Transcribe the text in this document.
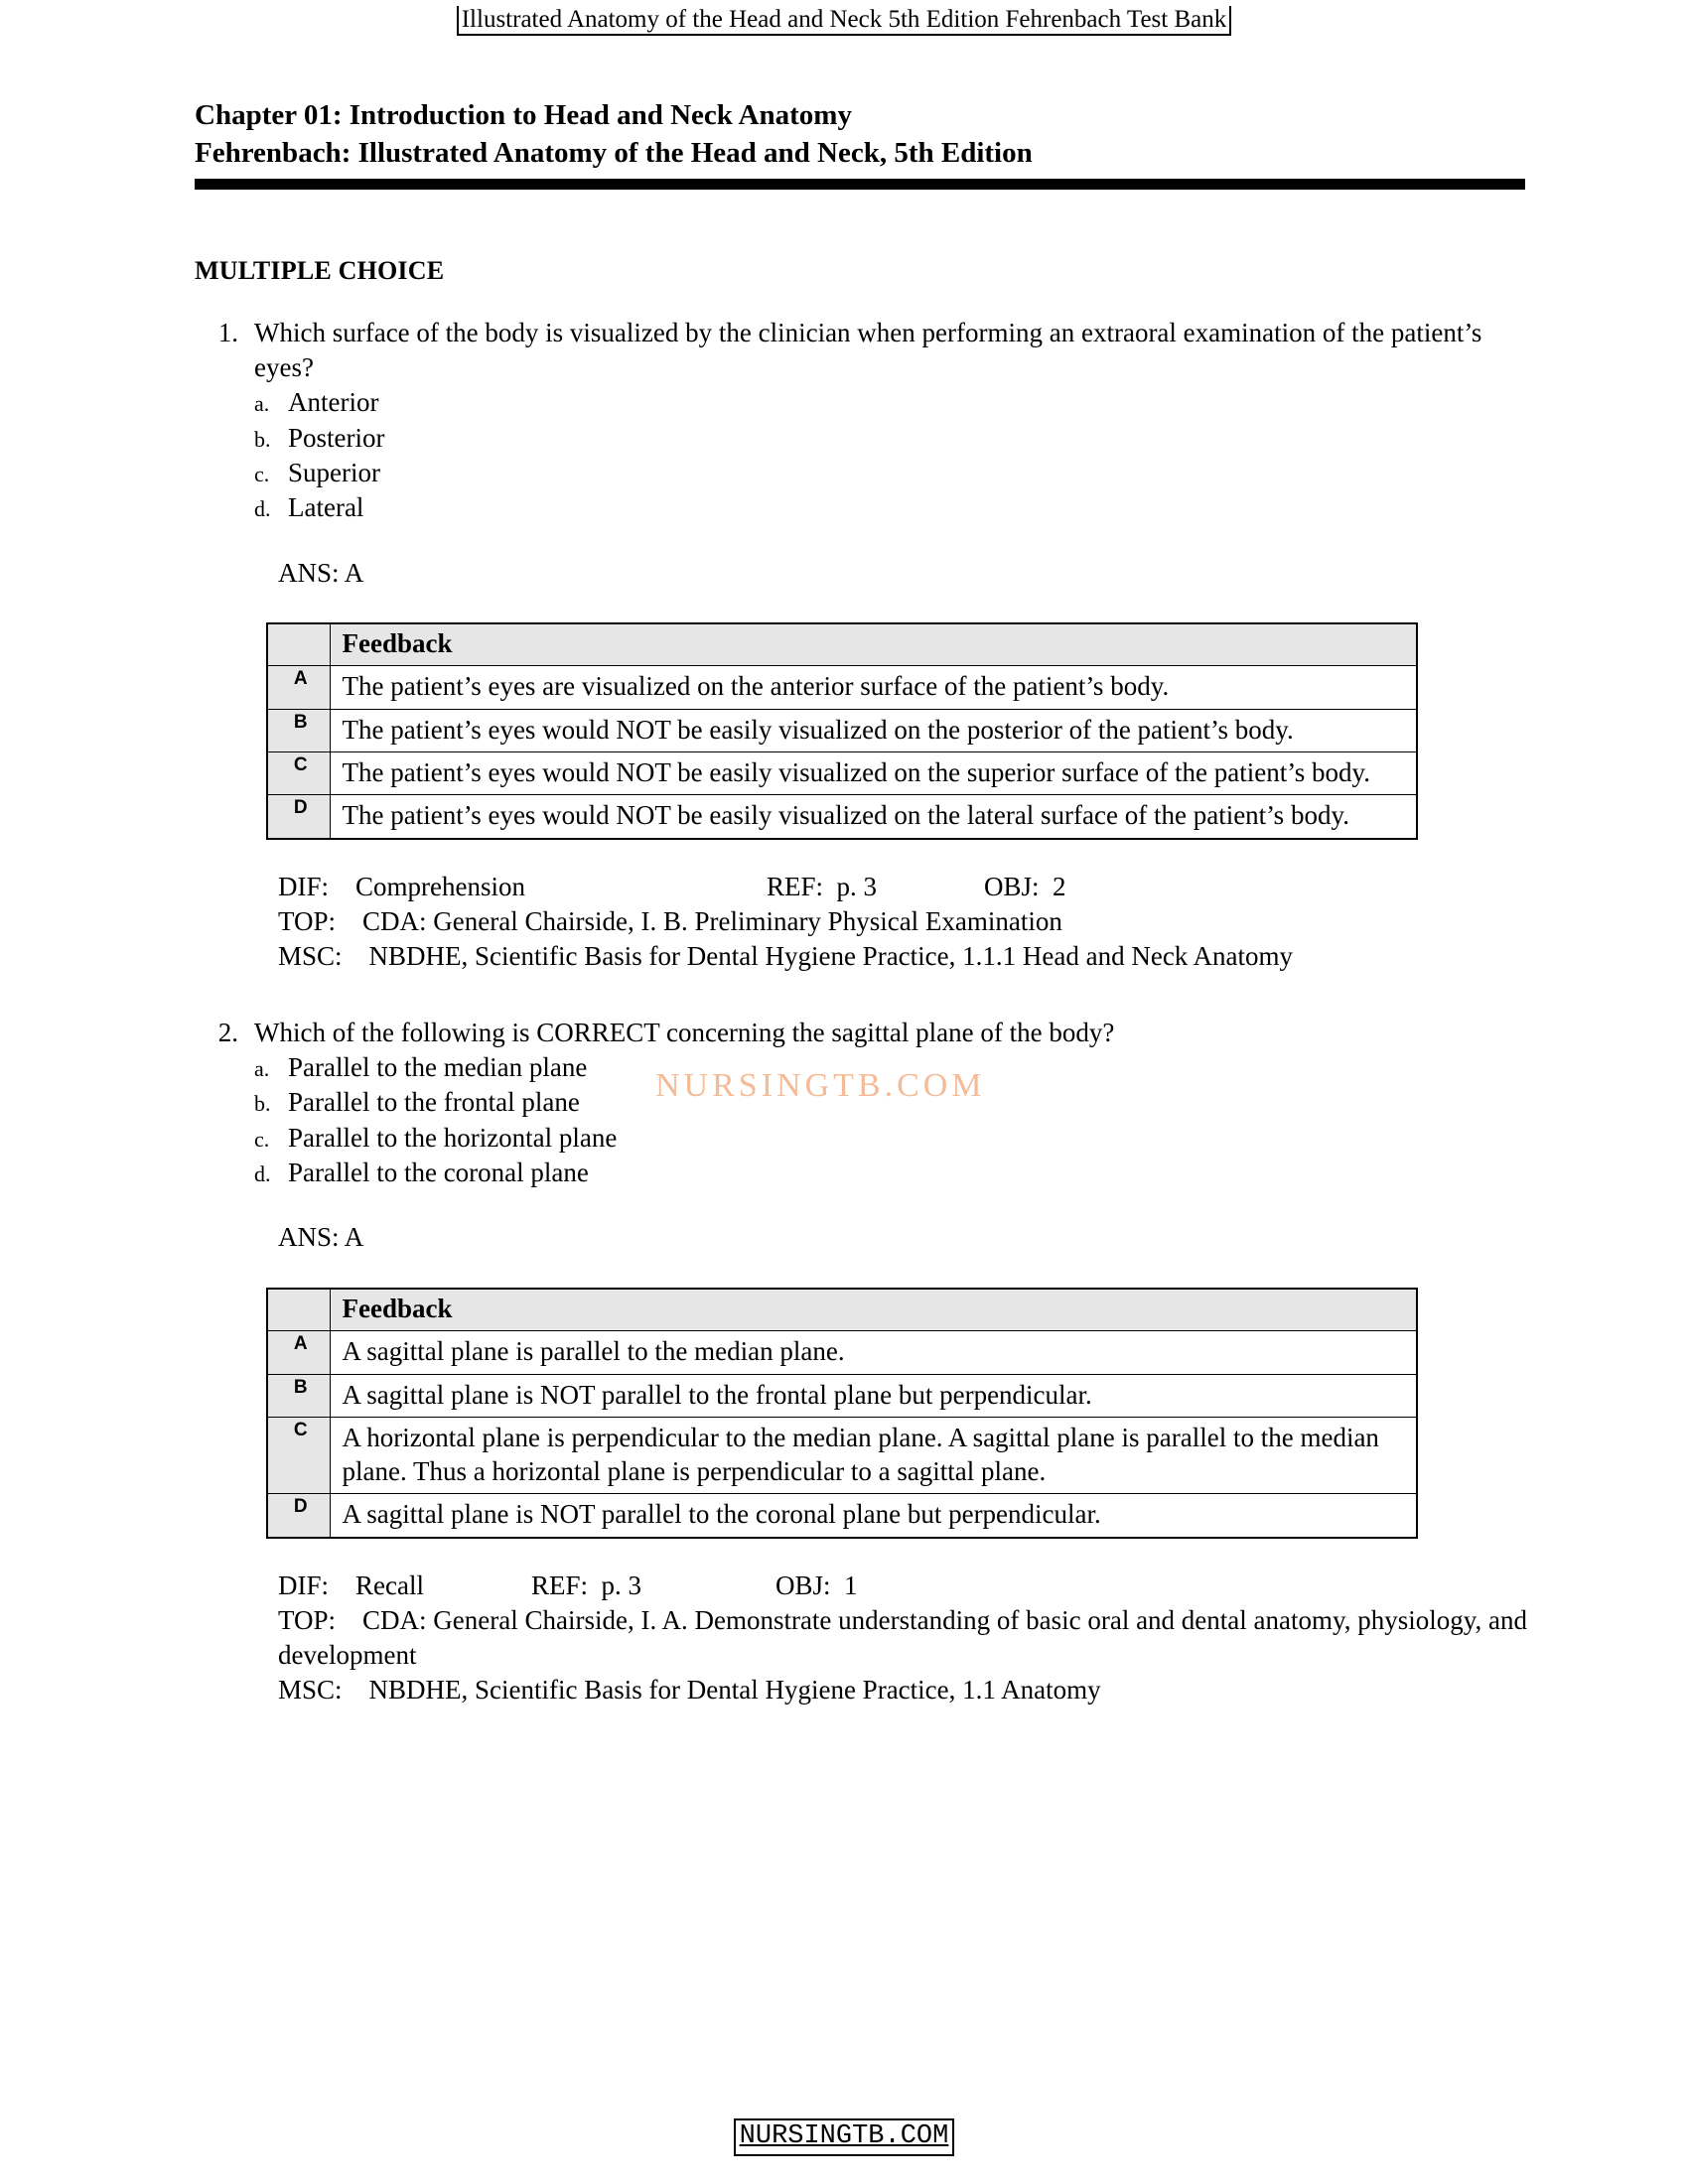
Illustrated Anatomy of the Head and Neck 5th Edition Fehrenbach Test Bank
Chapter 01: Introduction to Head and Neck Anatomy
Fehrenbach: Illustrated Anatomy of the Head and Neck, 5th Edition
MULTIPLE CHOICE
1. Which surface of the body is visualized by the clinician when performing an extraoral examination of the patient’s eyes?
a. Anterior
b. Posterior
c. Superior
d. Lateral
ANS: A
	Feedback
A	The patient’s eyes are visualized on the anterior surface of the patient’s body.
B	The patient’s eyes would NOT be easily visualized on the posterior of the patient’s body.
C	The patient’s eyes would NOT be easily visualized on the superior surface of the patient’s body.
D	The patient’s eyes would NOT be easily visualized on the lateral surface of the patient’s body.
DIF: Comprehension         REF:  p. 3    OBJ:  2
TOP:  CDA: General Chairside, I. B. Preliminary Physical Examination
MSC:  NBDHE, Scientific Basis for Dental Hygiene Practice, 1.1.1 Head and Neck Anatomy
2. Which of the following is CORRECT concerning the sagittal plane of the body?
a. Parallel to the median plane
b. Parallel to the frontal plane
c. Parallel to the horizontal plane
d. Parallel to the coronal plane
ANS: A
	Feedback
A	A sagittal plane is parallel to the median plane.
B	A sagittal plane is NOT parallel to the frontal plane but perpendicular.
C	A horizontal plane is perpendicular to the median plane. A sagittal plane is parallel to the median plane. Thus a horizontal plane is perpendicular to a sagittal plane.
D	A sagittal plane is NOT parallel to the coronal plane but perpendicular.
DIF: Recall    REF:  p. 3     OBJ:  1
TOP:  CDA: General Chairside, I. A. Demonstrate understanding of basic oral and dental anatomy, physiology, and development
MSC:  NBDHE, Scientific Basis for Dental Hygiene Practice, 1.1 Anatomy
NURSINGTB.COM
NURSINGTB.COM
